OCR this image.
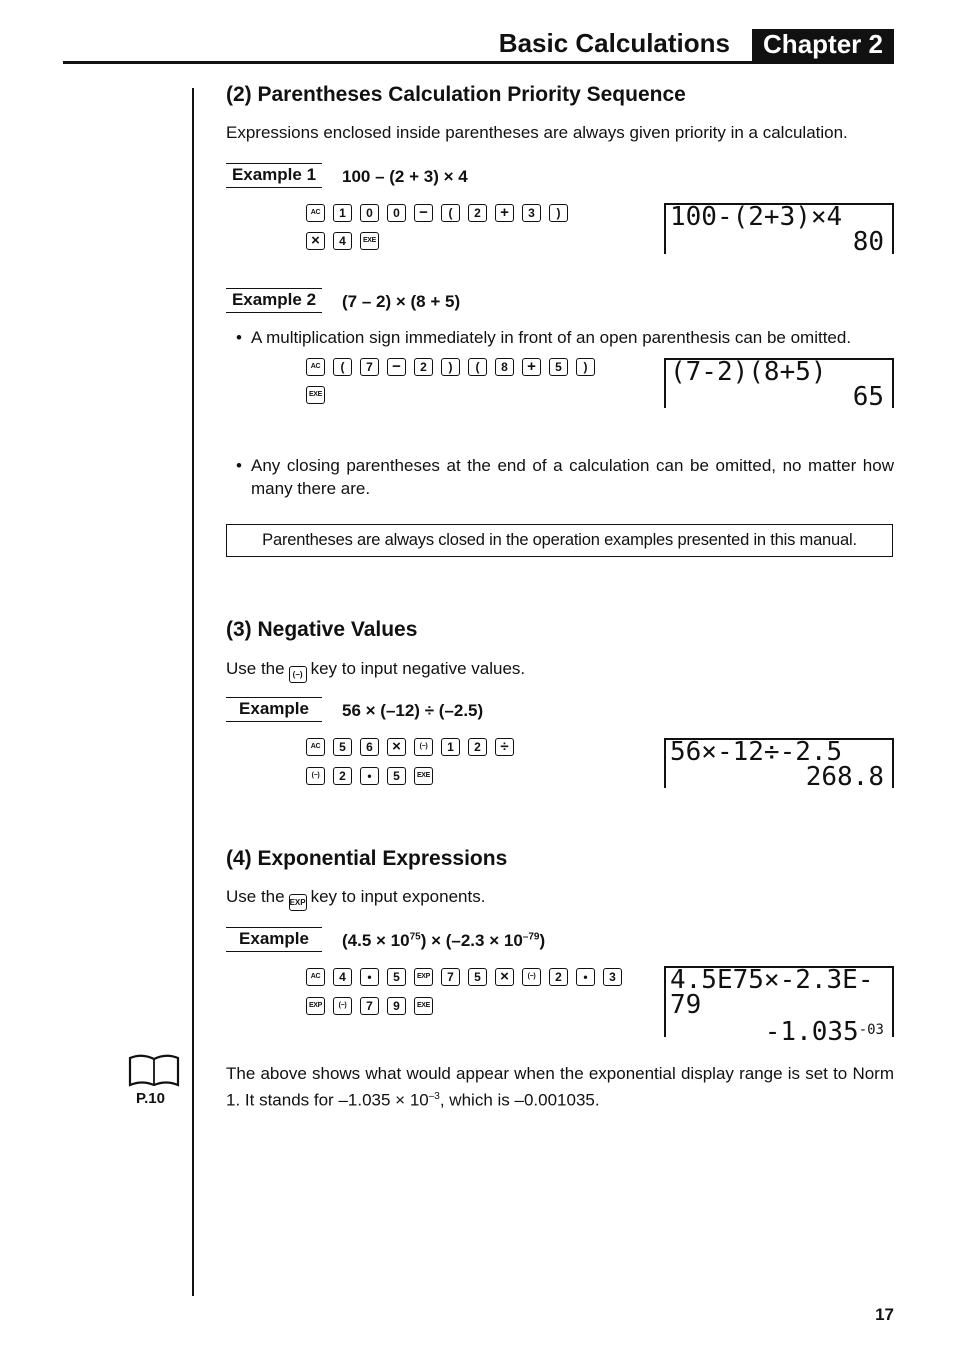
Basic Calculations	Chapter 2
(2) Parentheses Calculation Priority Sequence
Expressions enclosed inside parentheses are always given priority in a calculation.
Example 1	100 – (2 + 3) × 4
AC	1	0	0	−	(	2	+	3	)
×	4	EXE
100-(2+3)×4
80
Example 2	(7 – 2) × (8 + 5)
• A multiplication sign immediately in front of an open parenthesis can be omitted.
AC	(	7	−	2	)	(	8	+	5	)
EXE
(7-2)(8+5)
65
• Any closing parentheses at the end of a calculation can be omitted, no matter how many there are.
Parentheses are always closed in the operation examples presented in this manual.
(3) Negative Values
Use the (−) key to input negative values.
Example	56 × (–12) ÷ (–2.5)
AC	5	6	×	(−)	1	2	÷
(−)	2	•	5	EXE
56×-12÷-2.5
268.8
(4) Exponential Expressions
Use the EXP key to input exponents.
Example	$(4.5 \times 10^{75}) \times (-2.3 \times 10^{-79})$
AC	4	•	5	EXP	7	5	×	(−)	2	•	3
EXP	(−)	7	9	EXE
4.5E75×-2.3E-
79
$-1.035^{-03}$
P.10
The above shows what would appear when the exponential display range is set to Norm 1. It stands for $-1.035 \times 10^{-3}$, which is –0.001035.
17
